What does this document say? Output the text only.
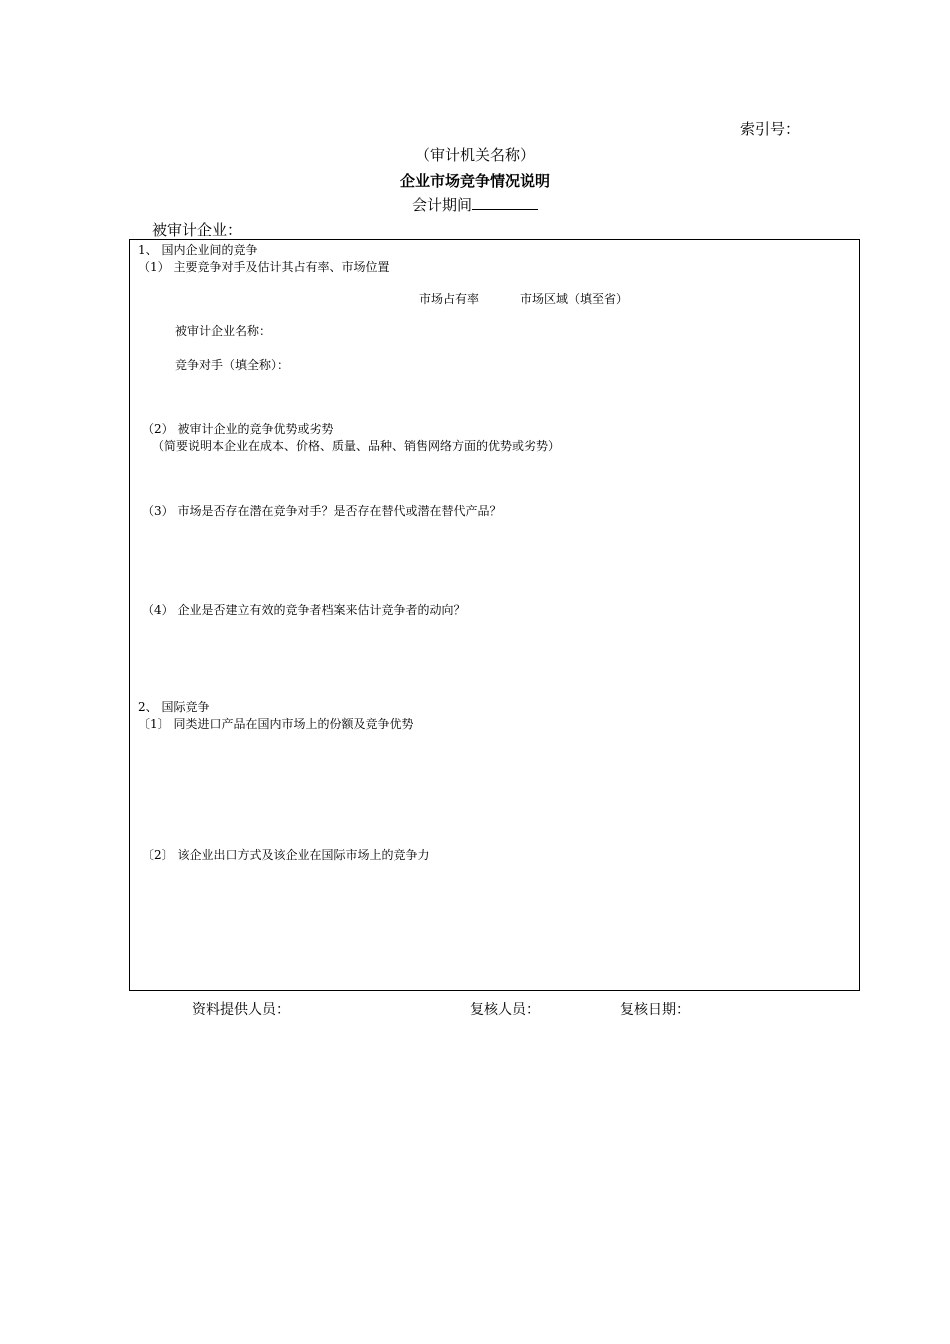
索引号：
（审计机关名称）
企业市场竞争情况说明
会计期间
被审计企业：
1、 国内企业间的竞争
（1） 主要竞争对手及估计其占有率、市场位置
市场占有率	市场区域（填至省）
被审计企业名称：
竞争对手（填全称）：
（2） 被审计企业的竞争优势或劣势
（简要说明本企业在成本、价格、质量、品种、销售网络方面的优势或劣势）
（3） 市场是否存在潜在竞争对手？是否存在替代或潜在替代产品？
（4） 企业是否建立有效的竞争者档案来估计竞争者的动向？
2、 国际竞争
〔1〕 同类进口产品在国内市场上的份额及竞争优势
〔2〕 该企业出口方式及该企业在国际市场上的竞争力
资料提供人员：	复核人员：	复核日期：
